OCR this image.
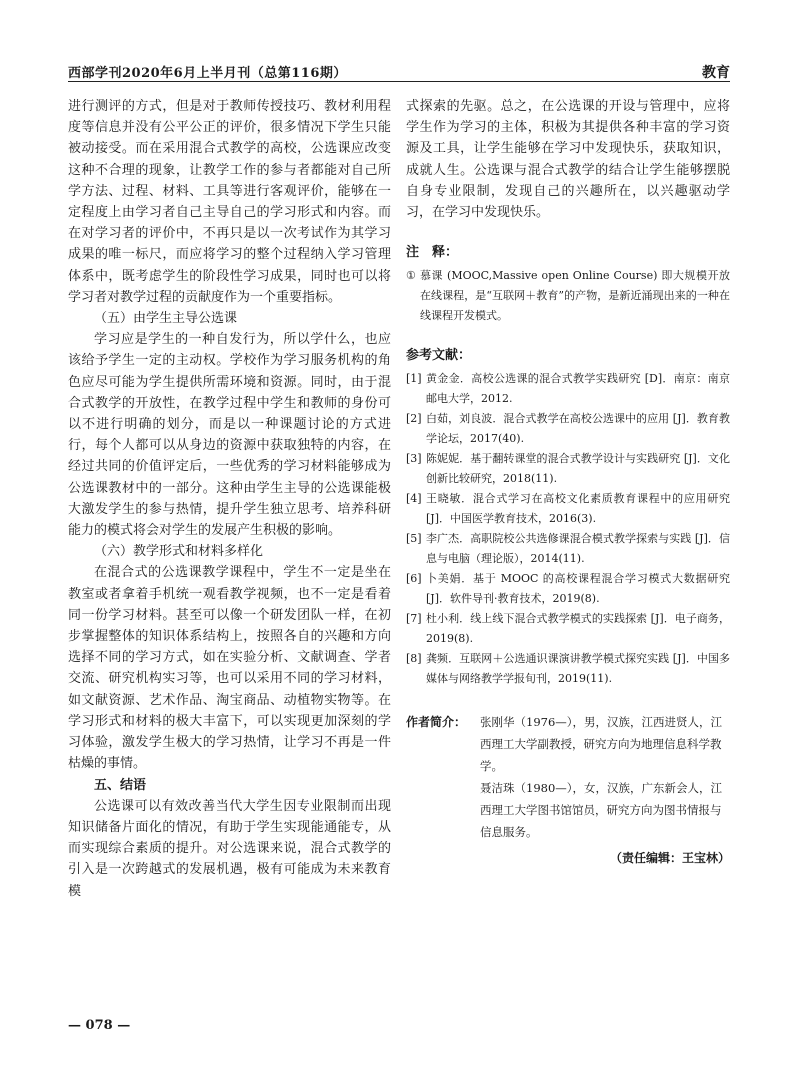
西部学刊2020年6月上半月刊（总第116期）	教育

进行测评的方式，但是对于教师传授技巧、教材利用程度等信息并没有公平公正的评价，很多情况下学生只能被动接受。而在采用混合式教学的高校，公选课应改变这种不合理的现象，让教学工作的参与者都能对自己所学方法、过程、材料、工具等进行客观评价，能够在一定程度上由学习者自己主导自己的学习形式和内容。而在对学习者的评价中，不再只是以一次考试作为其学习成果的唯一标尺，而应将学习的整个过程纳入学习管理体系中，既考虑学生的阶段性学习成果，同时也可以将学习者对教学过程的贡献度作为一个重要指标。

（五）由学生主导公选课

学习应是学生的一种自发行为，所以学什么，也应该给予学生一定的主动权。学校作为学习服务机构的角色应尽可能为学生提供所需环境和资源。同时，由于混合式教学的开放性，在教学过程中学生和教师的身份可以不进行明确的划分，而是以一种课题讨论的方式进行，每个人都可以从身边的资源中获取独特的内容，在经过共同的价值评定后，一些优秀的学习材料能够成为公选课教材中的一部分。这种由学生主导的公选课能极大激发学生的参与热情，提升学生独立思考、培养科研能力的模式将会对学生的发展产生积极的影响。

（六）教学形式和材料多样化

在混合式的公选课教学课程中，学生不一定是坐在教室或者拿着手机统一观看教学视频，也不一定是看着同一份学习材料。甚至可以像一个研发团队一样，在初步掌握整体的知识体系结构上，按照各自的兴趣和方向选择不同的学习方式，如在实验分析、文献调查、学者交流、研究机构实习等，也可以采用不同的学习材料，如文献资源、艺术作品、淘宝商品、动植物实物等。在学习形式和材料的极大丰富下，可以实现更加深刻的学习体验，激发学生极大的学习热情，让学习不再是一件枯燥的事情。

五、结语

公选课可以有效改善当代大学生因专业限制而出现知识储备片面化的情况，有助于学生实现能通能专，从而实现综合素质的提升。对公选课来说，混合式教学的引入是一次跨越式的发展机遇，极有可能成为未来教育模

式探索的先驱。总之，在公选课的开设与管理中，应将学生作为学习的主体，积极为其提供各种丰富的学习资源及工具，让学生能够在学习中发现快乐，获取知识，成就人生。公选课与混合式教学的结合让学生能够摆脱自身专业限制，发现自己的兴趣所在，以兴趣驱动学习，在学习中发现快乐。

注　释：

① 慕课 (MOOC,Massive open Online Course) 即大规模开放在线课程，是“互联网＋教育”的产物，是新近涌现出来的一种在线课程开发模式。

参考文献：

[1] 黄金金．高校公选课的混合式教学实践研究 [D]．南京：南京邮电大学，2012.
[2] 白茹，刘良波．混合式教学在高校公选课中的应用 [J]．教育教学论坛，2017(40).
[3] 陈妮妮．基于翻转课堂的混合式教学设计与实践研究 [J]．文化创新比较研究，2018(11).
[4] 王晓敏．混合式学习在高校文化素质教育课程中的应用研究 [J]．中国医学教育技术，2016(3).
[5] 李广杰．高职院校公共选修课混合模式教学探索与实践 [J]．信息与电脑（理论版），2014(11).
[6] 卜美娟．基于 MOOC 的高校课程混合学习模式大数据研究 [J]．软件导刊·教育技术，2019(8).
[7] 杜小利．线上线下混合式教学模式的实践探索 [J]．电子商务，2019(8).
[8] 龚频．互联网＋公选通识课演讲教学模式探究实践 [J]．中国多媒体与网络教学学报旬刊，2019(11).
作者简介：	张刚华（1976—），男，汉族，江西进贤人，江西理工大学副教授，研究方向为地理信息科学教学。

聂洁珠（1980—），女，汉族，广东新会人，江西理工大学图书馆馆员，研究方向为图书情报与信息服务。

（责任编辑：王宝林）
— 078 —
